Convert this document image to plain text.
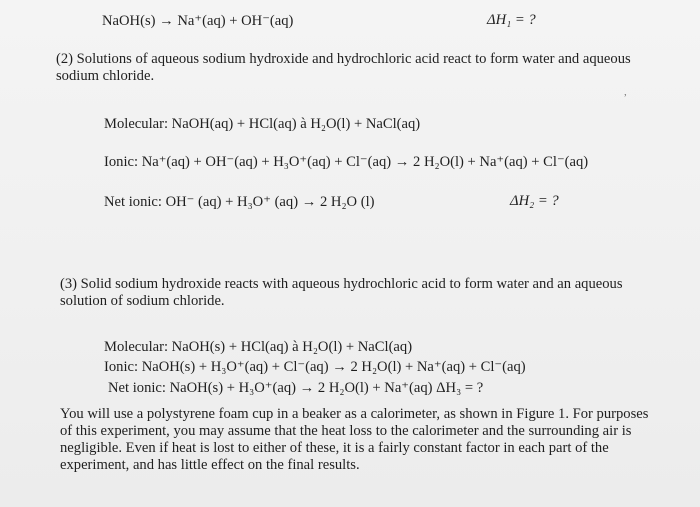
NaOH(s) → Na⁺(aq) + OH⁻(aq)	ΔH₁ = ?
(2) Solutions of aqueous sodium hydroxide and hydrochloric acid react to form water and aqueous sodium chloride.
,
Molecular: NaOH(aq) + HCl(aq) à H₂O(l) + NaCl(aq)
Ionic: Na⁺(aq) + OH⁻(aq) + H₃O⁺(aq) + Cl⁻(aq) → 2 H₂O(l) + Na⁺(aq) + Cl⁻(aq)
Net ionic: OH⁻ (aq) + H₃O⁺ (aq) → 2 H₂O (l)	ΔH₂ = ?
(3) Solid sodium hydroxide reacts with aqueous hydrochloric acid to form water and an aqueous solution of sodium chloride.
Molecular: NaOH(s) + HCl(aq) à H₂O(l) + NaCl(aq)
Ionic: NaOH(s) + H₃O⁺(aq) + Cl⁻(aq) → 2 H₂O(l) + Na⁺(aq) + Cl⁻(aq)
Net ionic: NaOH(s) + H₃O⁺(aq) → 2 H₂O(l) + Na⁺(aq) ΔH₃ = ?
You will use a polystyrene foam cup in a beaker as a calorimeter, as shown in Figure 1. For purposes of this experiment, you may assume that the heat loss to the calorimeter and the surrounding air is negligible. Even if heat is lost to either of these, it is a fairly constant factor in each part of the experiment, and has little effect on the final results.
